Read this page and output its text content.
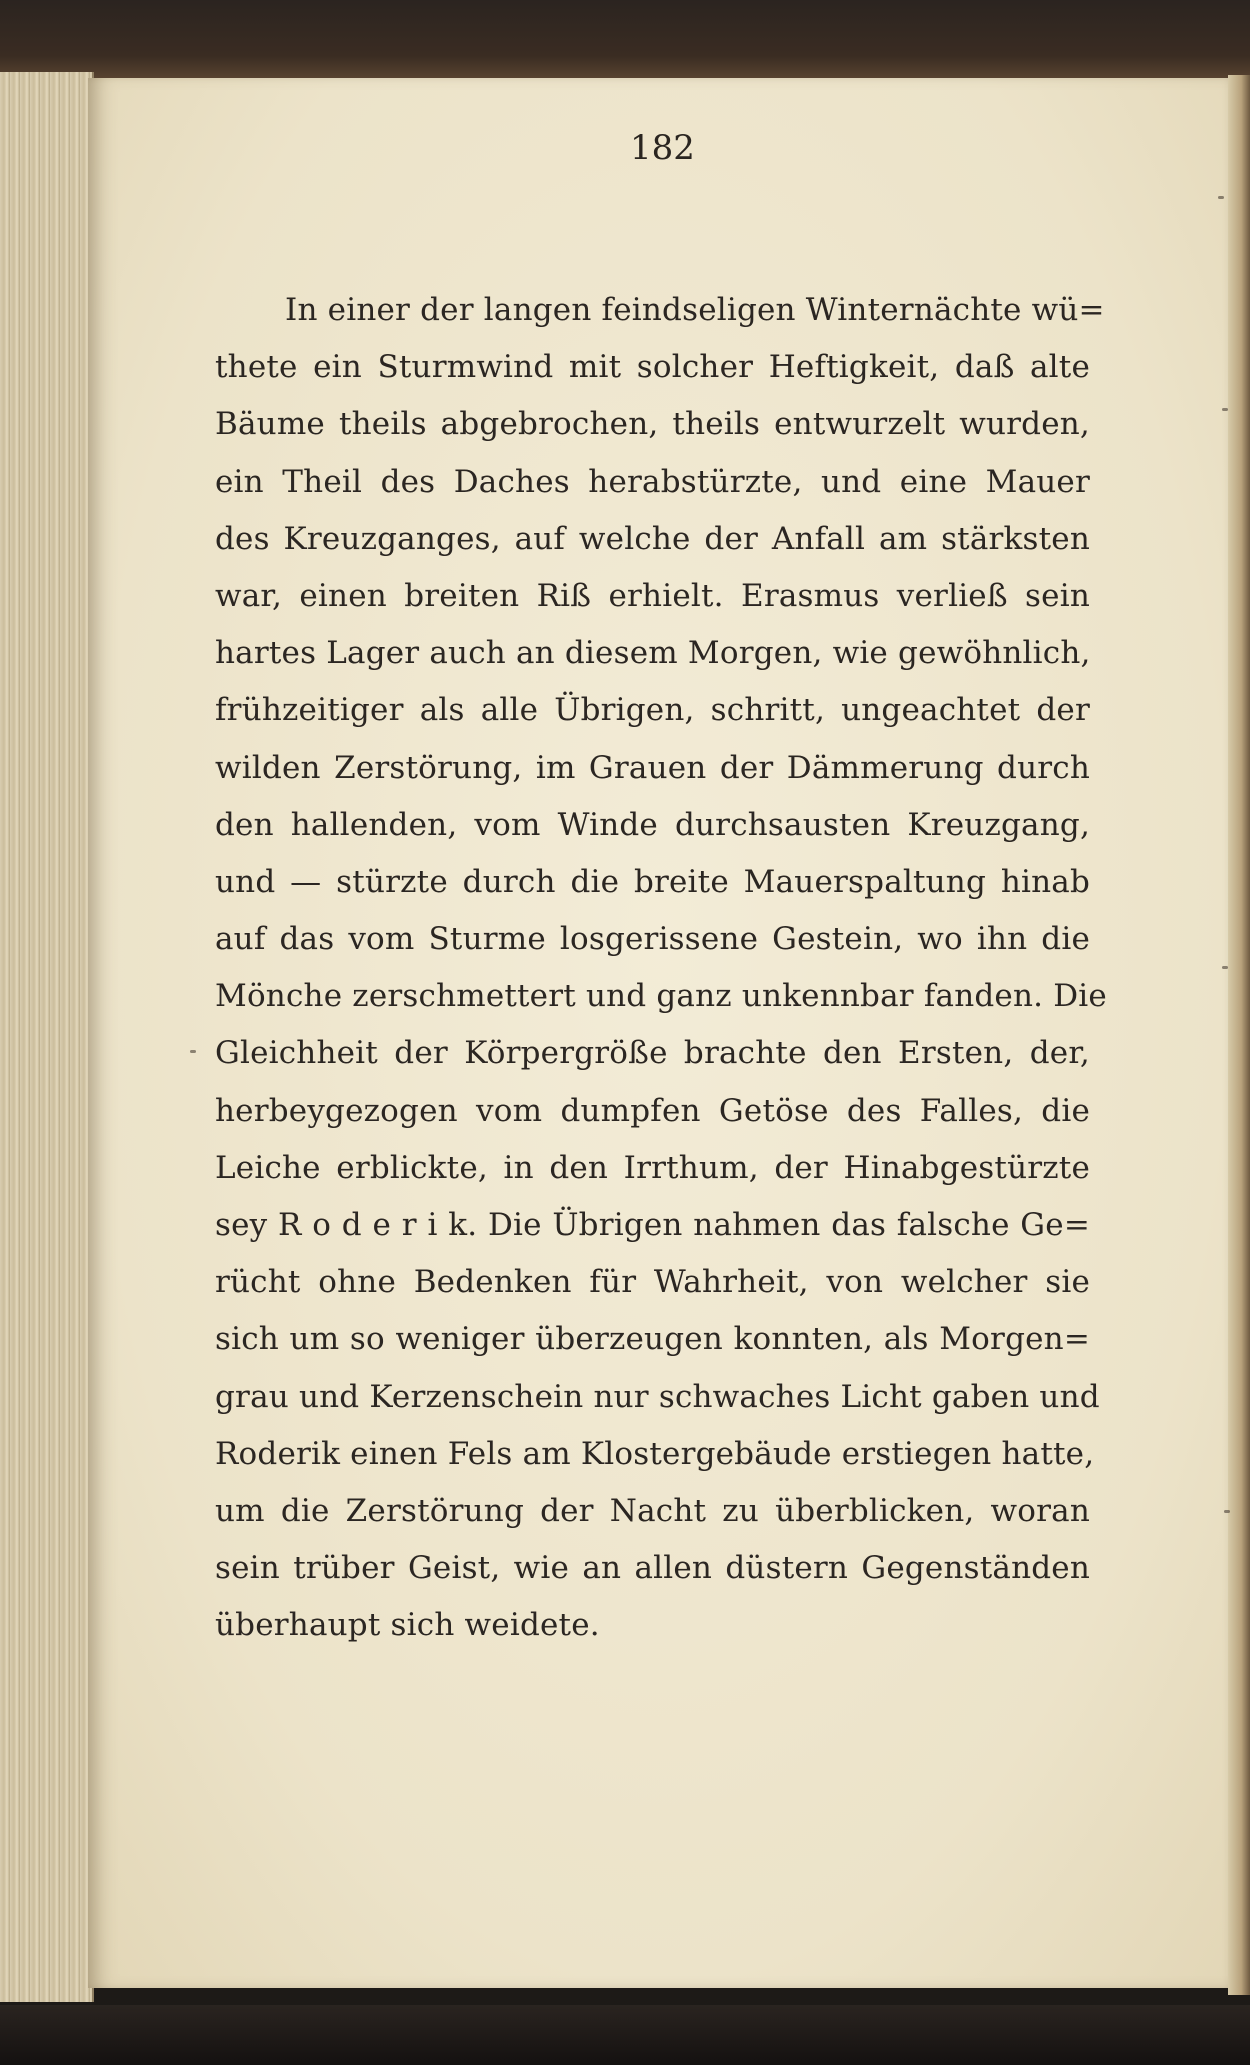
182
In einer der langen feindseligen Winternächte wü=
thete ein Sturmwind mit solcher Heftigkeit, daß alte
Bäume theils abgebrochen, theils entwurzelt wurden,
ein Theil des Daches herabstürzte, und eine Mauer
des Kreuzganges, auf welche der Anfall am stärksten
war, einen breiten Riß erhielt. Erasmus verließ sein
hartes Lager auch an diesem Morgen, wie gewöhnlich,
frühzeitiger als alle Übrigen, schritt, ungeachtet der
wilden Zerstörung, im Grauen der Dämmerung durch
den hallenden, vom Winde durchsausten Kreuzgang,
und — stürzte durch die breite Mauerspaltung hinab
auf das vom Sturme losgerissene Gestein, wo ihn die
Mönche zerschmettert und ganz unkennbar fanden. Die
Gleichheit der Körpergröße brachte den Ersten, der,
herbeygezogen vom dumpfen Getöse des Falles, die
Leiche erblickte, in den Irrthum, der Hinabgestürzte
sey R o d e r i k. Die Übrigen nahmen das falsche Ge=
rücht ohne Bedenken für Wahrheit, von welcher sie
sich um so weniger überzeugen konnten, als Morgen=
grau und Kerzenschein nur schwaches Licht gaben und
Roderik einen Fels am Klostergebäude erstiegen hatte,
um die Zerstörung der Nacht zu überblicken, woran
sein trüber Geist, wie an allen düstern Gegenständen
überhaupt sich weidete.
